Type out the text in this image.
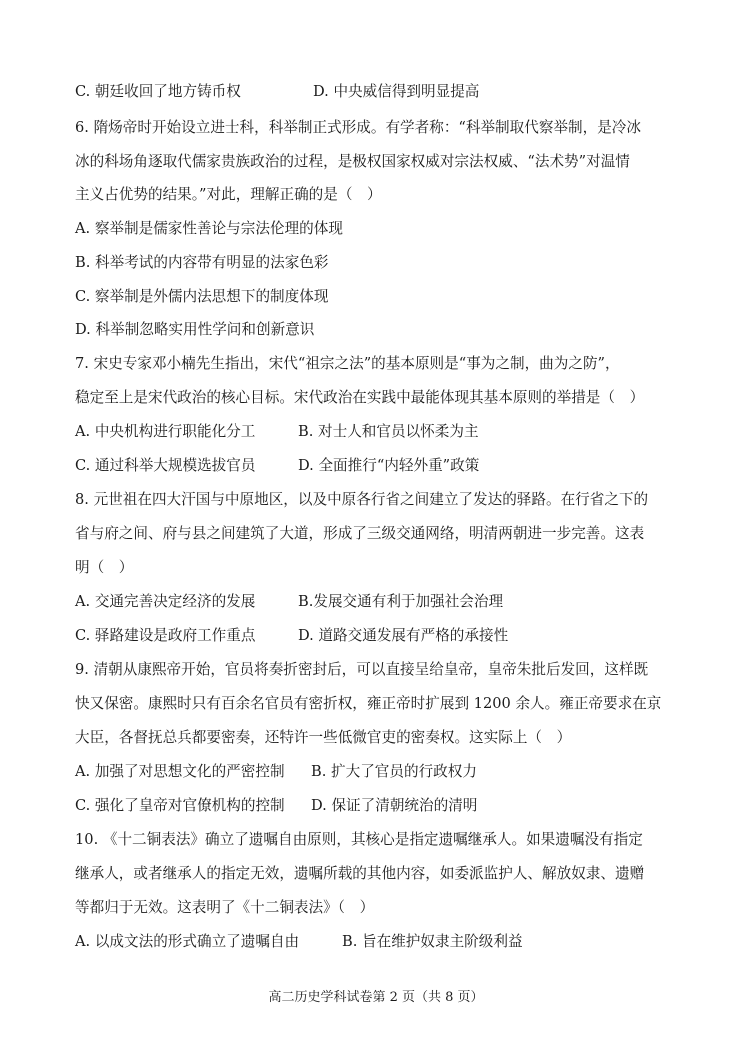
C. 朝廷收回了地方铸币权	D. 中央威信得到明显提高
6. 隋炀帝时开始设立进士科，科举制正式形成。有学者称：“科举制取代察举制，是冷冰
冰的科场角逐取代儒家贵族政治的过程，是极权国家权威对宗法权威、“法术势”对温情
主义占优势的结果。”对此，理解正确的是（　）
A. 察举制是儒家性善论与宗法伦理的体现
B. 科举考试的内容带有明显的法家色彩
C. 察举制是外儒内法思想下的制度体现
D. 科举制忽略实用性学问和创新意识
7. 宋史专家邓小楠先生指出，宋代“祖宗之法”的基本原则是“事为之制，曲为之防”，
稳定至上是宋代政治的核心目标。宋代政治在实践中最能体现其基本原则的举措是（　）
A. 中央机构进行职能化分工	B. 对士人和官员以怀柔为主
C. 通过科举大规模选拔官员	D. 全面推行“内轻外重”政策
8. 元世祖在四大汗国与中原地区，以及中原各行省之间建立了发达的驿路。在行省之下的
省与府之间、府与县之间建筑了大道，形成了三级交通网络，明清两朝进一步完善。这表
明（　）
A. 交通完善决定经济的发展	B.发展交通有利于加强社会治理
C. 驿路建设是政府工作重点	D. 道路交通发展有严格的承接性
9. 清朝从康熙帝开始，官员将奏折密封后，可以直接呈给皇帝，皇帝朱批后发回，这样既
快又保密。康熙时只有百余名官员有密折权，雍正帝时扩展到 1200 余人。雍正帝要求在京
大臣，各督抚总兵都要密奏，还特许一些低微官吏的密奏权。这实际上（　）
A. 加强了对思想文化的严密控制 B. 扩大了官员的行政权力
C. 强化了皇帝对官僚机构的控制 D. 保证了清朝统治的清明
10. 《十二铜表法》确立了遗嘱自由原则，其核心是指定遗嘱继承人。如果遗嘱没有指定
继承人，或者继承人的指定无效，遗嘱所载的其他内容，如委派监护人、解放奴隶、遗赠
等都归于无效。这表明了《十二铜表法》（　）
A. 以成文法的形式确立了遗嘱自由	B. 旨在维护奴隶主阶级利益
高二历史学科试卷第 2 页（共 8 页）
